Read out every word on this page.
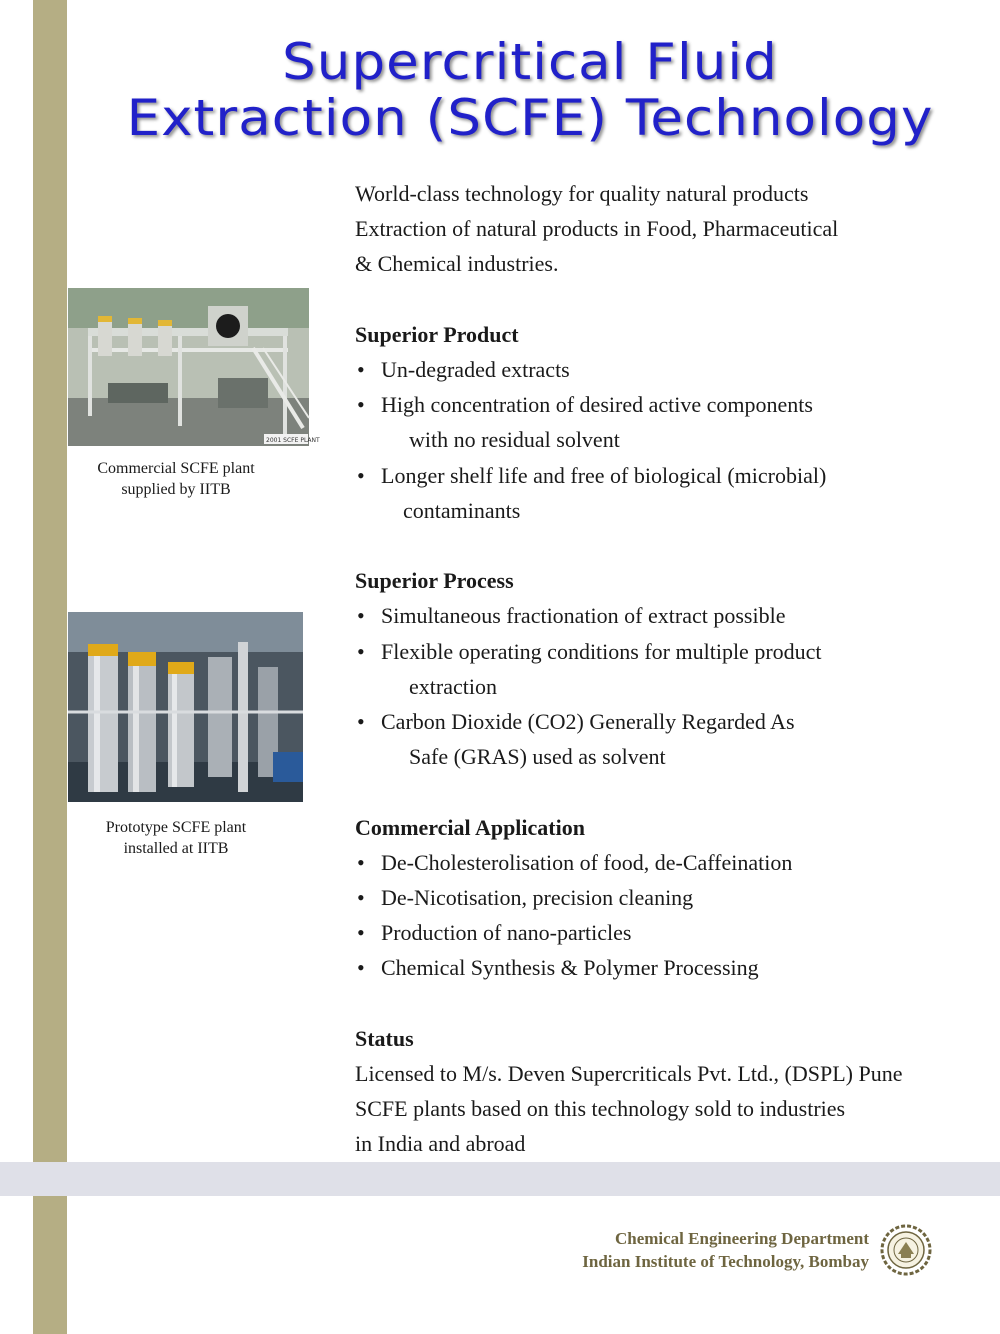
Supercritical Fluid
Extraction (SCFE) Technology
2001 SCFE PLANT
Commercial SCFE plant
supplied by IITB
Prototype SCFE plant
installed at IITB

World-class technology for quality natural products

Extraction of natural products in Food, Pharmaceutical

& Chemical industries.

Superior Product

• Un-degraded extracts
• High concentration of desired active components
with no residual solvent
• Longer shelf life and free of biological (microbial)
contaminants

Superior Process

• Simultaneous fractionation of extract possible
• Flexible operating conditions for multiple product
extraction
• Carbon Dioxide (CO2) Generally Regarded As
Safe (GRAS) used as solvent

Commercial Application

• De-Cholesterolisation of food, de-Caffeination
• De-Nicotisation, precision cleaning
• Production of nano-particles
• Chemical Synthesis & Polymer Processing

Status

Licensed to M/s. Deven Supercriticals Pvt. Ltd., (DSPL) Pune

SCFE plants based on this technology sold to industries

in India and abroad

Chemical Engineering Department
Indian Institute of Technology, Bombay
